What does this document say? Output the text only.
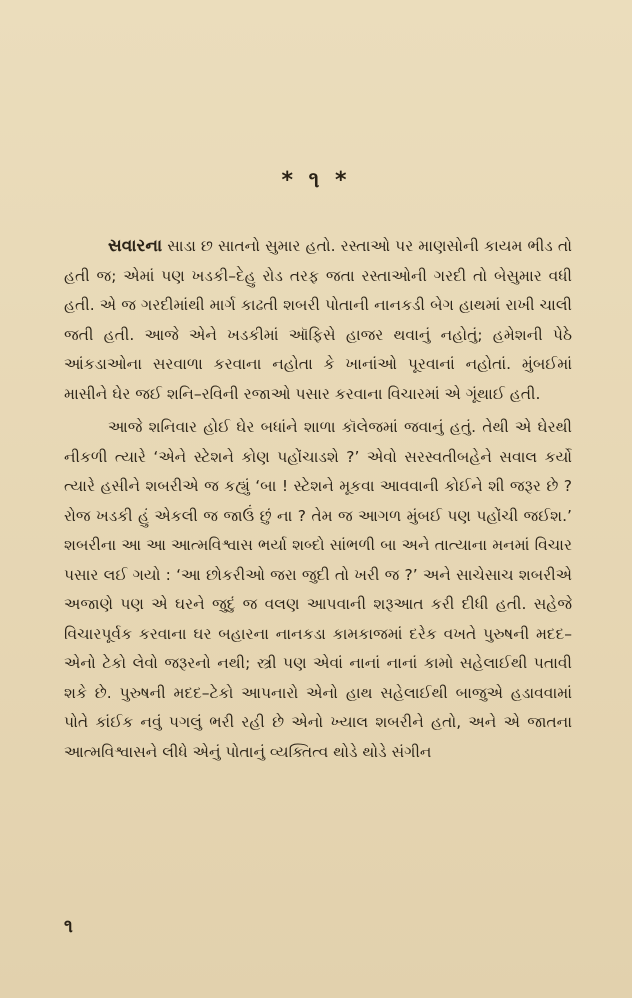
* ૧ *

સવારના સાડા છ સાતનો સુમાર હતો. રસ્તાઓ પર માણસોની કાયમ ભીડ તો હતી જ; એમાં પણ ખડકી–દેહુ રોડ તરફ જતા રસ્તાઓની ગરદી તો બેસુમાર વધી હતી. એ જ ગરદીમાંથી માર્ગ કાઢતી શબરી પોતાની નાનકડી બેગ હાથમાં રાખી ચાલી જતી હતી. આજે એને ખડકીમાં ઑફિસે હાજર થવાનું નહોતું; હમેશની પેઠે આંકડાઓના સરવાળા કરવાના નહોતા કે ખાનાંઓ પૂરવાનાં નહોતાં. મુંબઈમાં માસીને ઘેર જઈ શનિ–રવિની રજાઓ પસાર કરવાના વિચારમાં એ ગૂંથાઈ હતી.

આજે શનિવાર હોઈ ઘેર બધાંને શાળા કૉલેજમાં જવાનું હતું. તેથી એ ઘેરથી નીકળી ત્યારે ‘એને સ્ટેશને કોણ પહોંચાડશે ?’ એવો સરસ્વતીબહેને સવાલ કર્યો ત્યારે હસીને શબરીએ જ કહ્યું ‘બા ! સ્ટેશને મૂકવા આવવાની કોઈને શી જરૂર છે ? રોજ ખડકી હું એકલી જ જાઉં છું ના ? તેમ જ આગળ મુંબઈ પણ પહોંચી જઈશ.’ શબરીના આ આ આત્મવિશ્વાસ ભર્યા શબ્દો સાંભળી બા અને તાત્યાના મનમાં વિચાર પસાર લઈ ગયો : ‘આ છોકરીઓ જરા જુદી તો ખરી જ ?’ અને સાચેસાચ શબરીએ અજાણે પણ એ ઘરને જુદું જ વલણ આપવાની શરૂઆત કરી દીધી હતી. સહેજે વિચારપૂર્વક કરવાના ઘર બહારના નાનકડા કામકાજમાં દરેક વખતે પુરુષની મદદ–એનો ટેકો લેવો જરૂરનો નથી; સ્ત્રી પણ એવાં નાનાં નાનાં કામો સહેલાઈથી પતાવી શકે છે. પુરુષની મદદ–ટેકો આપનારો એનો હાથ સહેલાઈથી બાજુએ હડાવવામાં પોતે કાંઈક નવું પગલું ભરી રહી છે એનો ખ્યાલ શબરીને હતો, અને એ જાતના આત્મવિશ્વાસને લીધે એનું પોતાનું વ્યક્તિત્વ થોડે થોડે સંગીન

૧
